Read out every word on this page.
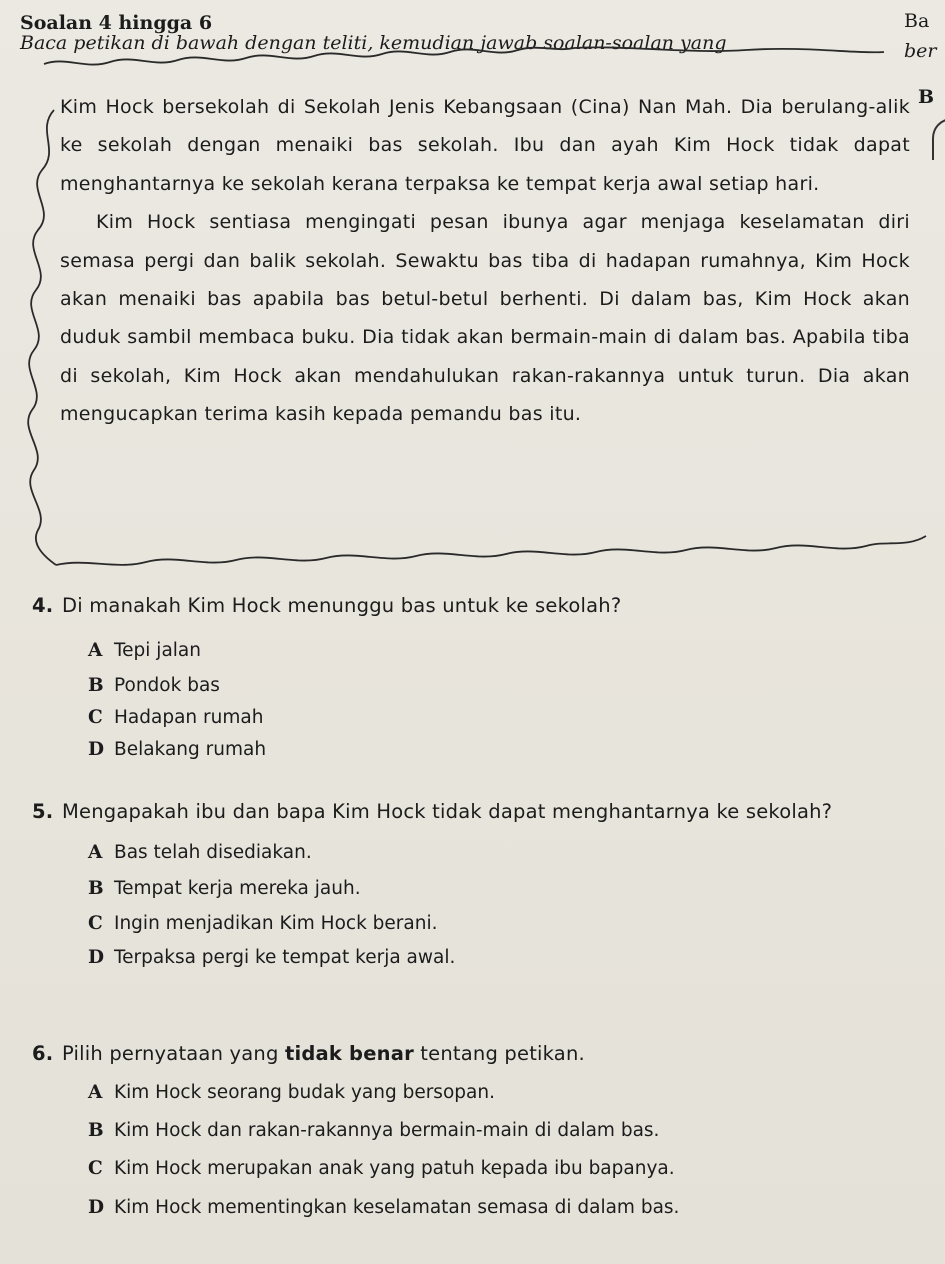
Soalan 4 hingga 6
Baca petikan di bawah dengan teliti, kemudian jawab soalan-soalan yang
Ba
ber
B

Kim Hock bersekolah di Sekolah Jenis Kebangsaan (Cina) Nan Mah. Dia berulang-alik ke sekolah dengan menaiki bas sekolah. Ibu dan ayah Kim Hock tidak dapat menghantarnya ke sekolah kerana terpaksa ke tempat kerja awal setiap hari.

Kim Hock sentiasa mengingati pesan ibunya agar menjaga keselamatan diri semasa pergi dan balik sekolah. Sewaktu bas tiba di hadapan rumahnya, Kim Hock akan menaiki bas apabila bas betul-betul berhenti. Di dalam bas, Kim Hock akan duduk sambil membaca buku. Dia tidak akan bermain-main di dalam bas. Apabila tiba di sekolah, Kim Hock akan mendahulukan rakan-rakannya untuk turun. Dia akan mengucapkan terima kasih kepada pemandu bas itu.

4. Di manakah Kim Hock menunggu bas untuk ke sekolah?
A Tepi jalan
B Pondok bas
C Hadapan rumah
D Belakang rumah
5. Mengapakah ibu dan bapa Kim Hock tidak dapat menghantarnya ke sekolah?
A Bas telah disediakan.
B Tempat kerja mereka jauh.
C Ingin menjadikan Kim Hock berani.
D Terpaksa pergi ke tempat kerja awal.
6. Pilih pernyataan yang tidak benar tentang petikan.
A Kim Hock seorang budak yang bersopan.
B Kim Hock dan rakan-rakannya bermain-main di dalam bas.
C Kim Hock merupakan anak yang patuh kepada ibu bapanya.
D Kim Hock mementingkan keselamatan semasa di dalam bas.
